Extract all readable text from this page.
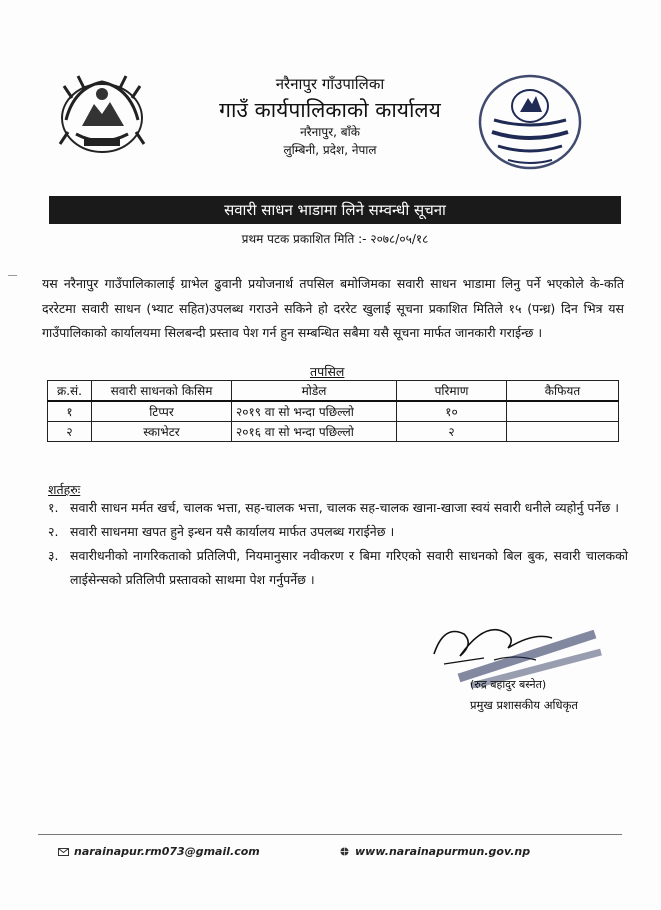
नरैनापुर गाँउपालिका
गाउँ कार्यपालिकाको कार्यालय
नरैनापुर, बाँके
लुम्बिनी, प्रदेश, नेपाल
सवारी साधन भाडामा लिने सम्वन्धी सूचना
प्रथम पटक प्रकाशित मिति :- २०७८/०५/१८
यस नरैनापुर गाउँपालिकालाई ग्राभेल ढुवानी प्रयोजनार्थ तपसिल बमोजिमका सवारी साधन भाडामा लिनु पर्ने भएकोले के-कति दररेटमा सवारी साधन (भ्याट सहित)उपलब्ध गराउने सकिने हो दररेट खुलाई सूचना प्रकाशित मितिले १५ (पन्ध्र) दिन भित्र यस गाउँपालिकाको कार्यालयमा सिलबन्दी प्रस्ताव पेश गर्न हुन सम्बन्धित सबैमा यसै सूचना मार्फत जानकारी गराईन्छ ।
तपसिल
क्र.सं.	सवारी साधनको किसिम	मोडेल	परिमाण	कैफियत
१	टिप्पर	२०१९ वा सो भन्दा पछिल्लो	१०	
२	स्काभेटर	२०१६ वा सो भन्दा पछिल्लो	२	
शर्तहरुः
१. सवारी साधन मर्मत खर्च, चालक भत्ता, सह-चालक भत्ता, चालक सह-चालक खाना-खाजा स्वयं सवारी धनीले व्यहोर्नु पर्नेछ ।
२. सवारी साधनमा खपत हुने इन्धन यसै कार्यालय मार्फत उपलब्ध गराईनेछ ।
३. सवारीधनीको नागरिकताको प्रतिलिपी, नियमानुसार नवीकरण र बिमा गरिएको सवारी साधनको बिल बुक, सवारी चालकको लाईसेन्सको प्रतिलिपी प्रस्तावको साथमा पेश गर्नुपर्नेछ ।
(रुद्र बहादुर बस्नेत)
प्रमुख प्रशासकीय अधिकृत
narainapur.rm073@gmail.com	www.narainapurmun.gov.np
